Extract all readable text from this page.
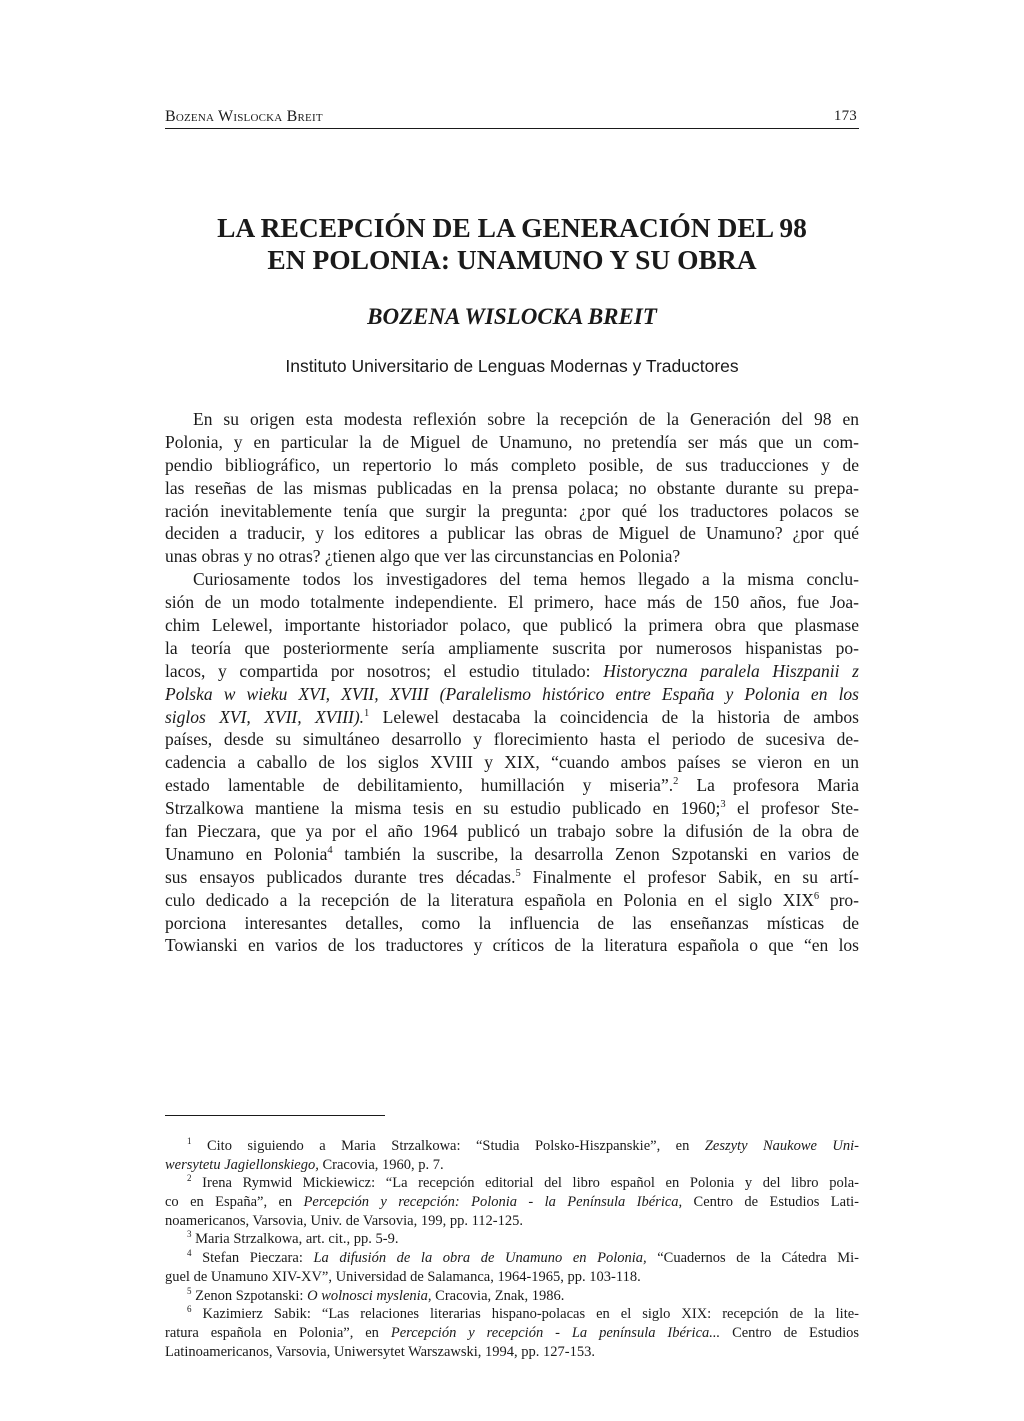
Bozena Wislocka Breit	173
LA RECEPCIÓN DE LA GENERACIÓN DEL 98
EN POLONIA: UNAMUNO Y SU OBRA

BOZENA WISLOCKA BREIT

Instituto Universitario de Lenguas Modernas y Traductores

En su origen esta modesta reflexión sobre la recepción de la Generación del 98 en
Polonia, y en particular la de Miguel de Unamuno, no pretendía ser más que un com-
pendio bibliográfico, un repertorio lo más completo posible, de sus traducciones y de
las reseñas de las mismas publicadas en la prensa polaca; no obstante durante su prepa-
ración inevitablemente tenía que surgir la pregunta: ¿por qué los traductores polacos se
deciden a traducir, y los editores a publicar las obras de Miguel de Unamuno? ¿por qué
unas obras y no otras? ¿tienen algo que ver las circunstancias en Polonia?
Curiosamente todos los investigadores del tema hemos llegado a la misma conclu-
sión de un modo totalmente independiente. El primero, hace más de 150 años, fue Joa-
chim Lelewel, importante historiador polaco, que publicó la primera obra que plasmase
la teoría que posteriormente sería ampliamente suscrita por numerosos hispanistas po-
lacos, y compartida por nosotros; el estudio titulado: Historyczna paralela Hiszpanii z
Polska w wieku XVI, XVII, XVIII (Paralelismo histórico entre España y Polonia en los
siglos XVI, XVII, XVIII).$^1$ Lelewel destacaba la coincidencia de la historia de ambos
países, desde su simultáneo desarrollo y florecimiento hasta el periodo de sucesiva de-
cadencia a caballo de los siglos XVIII y XIX, “cuando ambos países se vieron en un
estado lamentable de debilitamiento, humillación y miseria”.$^2$ La profesora Maria
Strzalkowa mantiene la misma tesis en su estudio publicado en 1960;$^3$ el profesor Ste-
fan Pieczara, que ya por el año 1964 publicó un trabajo sobre la difusión de la obra de
Unamuno en Polonia$^4$ también la suscribe, la desarrolla Zenon Szpotanski en varios de
sus ensayos publicados durante tres décadas.$^5$ Finalmente el profesor Sabik, en su artí-
culo dedicado a la recepción de la literatura española en Polonia en el siglo XIX$^6$ pro-
porciona interesantes detalles, como la influencia de las enseñanzas místicas de
Towianski en varios de los traductores y críticos de la literatura española o que “en los
$^1$ Cito siguiendo a Maria Strzalkowa: “Studia Polsko-Hiszpanskie”, en Zeszyty Naukowe Uni-
wersytetu Jagiellonskiego, Cracovia, 1960, p. 7.
$^2$ Irena Rymwid Mickiewicz: “La recepción editorial del libro español en Polonia y del libro pola-
co en España”, en Percepción y recepción: Polonia - la Península Ibérica, Centro de Estudios Lati-
noamericanos, Varsovia, Univ. de Varsovia, 199, pp. 112-125.
$^3$ Maria Strzalkowa, art. cit., pp. 5-9.
$^4$ Stefan Pieczara: La difusión de la obra de Unamuno en Polonia, “Cuadernos de la Cátedra Mi-
guel de Unamuno XIV-XV”, Universidad de Salamanca, 1964-1965, pp. 103-118.
$^5$ Zenon Szpotanski: O wolnosci myslenia, Cracovia, Znak, 1986.
$^6$ Kazimierz Sabik: “Las relaciones literarias hispano-polacas en el siglo XIX: recepción de la lite-
ratura española en Polonia”, en Percepción y recepción - La península Ibérica... Centro de Estudios
Latinoamericanos, Varsovia, Uniwersytet Warszawski, 1994, pp. 127-153.
